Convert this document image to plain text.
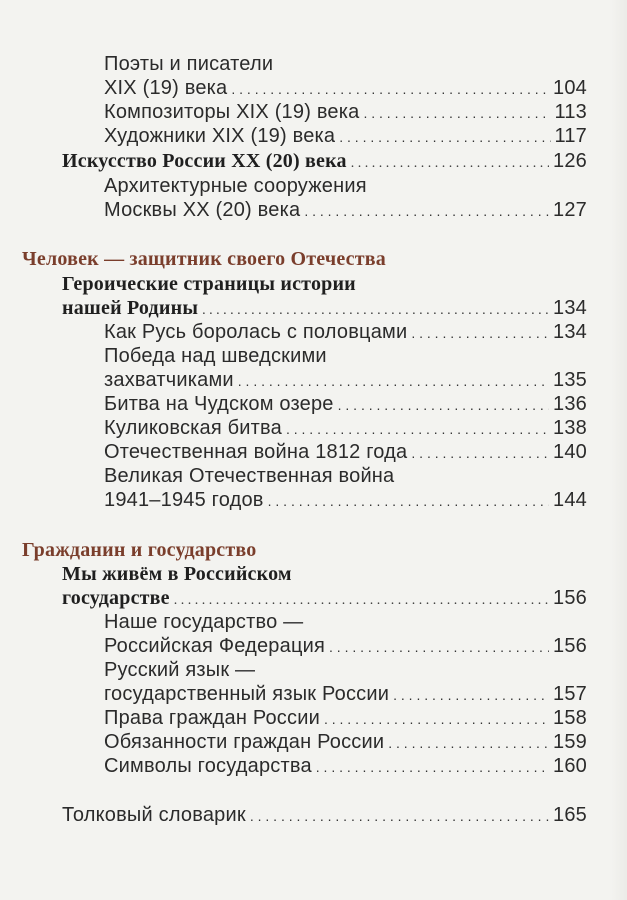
Поэты и писатели
XIX (19) века . . .	104
Композиторы XIX (19) века . . .	113
Художники XIX (19) века . . .	117
Искусство России XX (20) века . . .	126
Архитектурные сооружения
Москвы XX (20) века . . .	127
Человек — защитник своего Отечества
Героические страницы истории
нашей Родины . . .	134
Как Русь боролась с половцами . . .	134
Победа над шведскими
захватчиками . . .	135
Битва на Чудском озере . . .	136
Куликовская битва . . .	138
Отечественная война 1812 года . . .	140
Великая Отечественная война
1941–1945 годов . . .	144
Гражданин и государство
Мы живём в Российском
государстве . . .	156
Наше государство —
Российская Федерация . . .	156
Русский язык —
государственный язык России . . .	157
Права граждан России . . .	158
Обязанности граждан России . . .	159
Символы государства . . .	160
Толковый словарик . . .	165
